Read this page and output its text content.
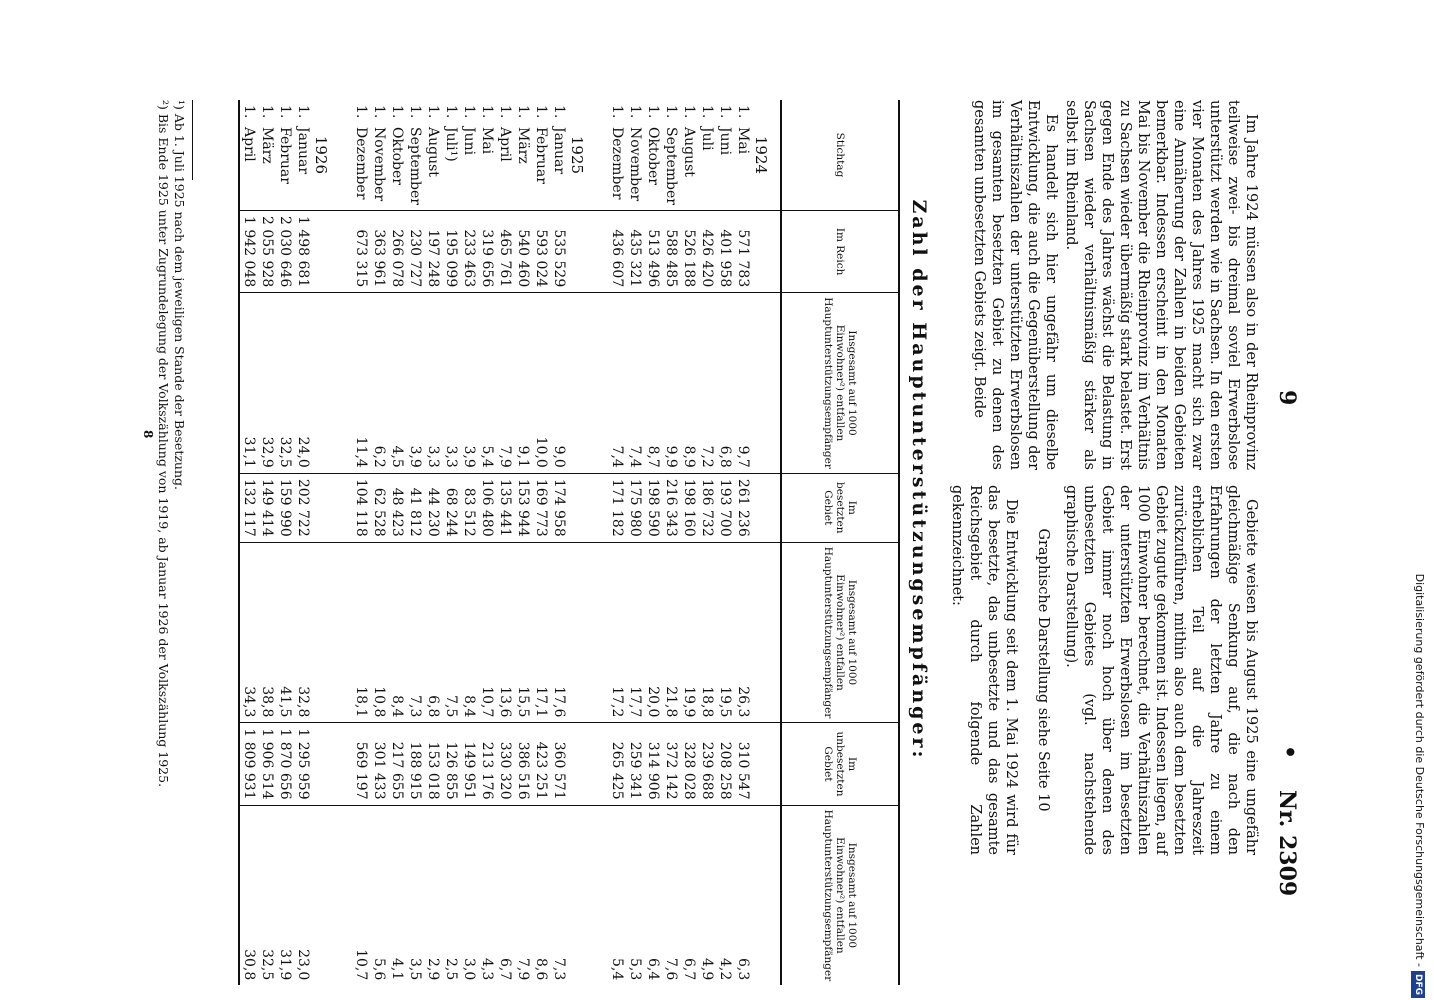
9
•
Nr. 2309

Im Jahre 1924 müssen also in der Rheinprovinz teilweise zwei- bis dreimal soviel Erwerbslose unterstützt werden wie in Sachsen. In den ersten vier Monaten des Jahres 1925 macht sich zwar eine Annäherung der Zahlen in beiden Gebieten bemerkbar. Indessen erscheint in den Monaten Mai bis November die Rheinprovinz im Verhältnis zu Sachsen wieder übermäßig stark belastet. Erst gegen Ende des Jahres wächst die Belastung in Sachsen wieder verhältnismäßig stärker als selbst im Rheinland.

Es handelt sich hier ungefähr um dieselbe Entwicklung, die auch die Gegenüberstellung der Verhältniszahlen der unterstützten Erwerbslosen im gesamten besetzten Gebiet zu denen des gesamten unbesetzten Gebiets zeigt. Beide

Gebiete weisen bis August 1925 eine ungefähr gleichmäßige Senkung auf, die nach den Erfahrungen der letzten Jahre zu einem erheblichen Teil auf die Jahreszeit zurückzuführen, mithin also auch dem besetzten Gebiet zugute gekommen ist. Indessen liegen, auf 1000 Einwohner berechnet, die Verhältniszahlen der unterstützten Erwerbslosen im besetzten Gebiet immer noch hoch über denen des unbesetzten Gebietes (vgl. nachstehende graphische Darstellung).

Graphische Darstellung siehe Seite 10

Die Entwicklung seit dem 1. Mai 1924 wird für das besetzte, das unbesetzte und das gesamte Reichsgebiet durch folgende Zahlen gekennzeichnet:

Zahl der Hauptunterstützungsempfänger:
Stichtag	Im Reich	Insgesamt auf 1000 Einwohner²) entfallen Hauptunterstützungsempfänger	Im besetzten Gebiet	Insgesamt auf 1000 Einwohner²) entfallen Hauptunterstützungsempfänger	Im unbesetzten Gebiet	Insgesamt auf 1000 Einwohner²) entfallen Hauptunterstützungsempfänger
1924						
1.Mai	571 783	9,7	261 236	26,3	310 547	6,3
1.Juni	401 958	6,8	193 700	19,5	208 258	4,2
1.Juli	426 420	7,2	186 732	18,8	239 688	4,9
1.August	526 188	8,9	198 160	19,9	328 028	6,7
1.September	588 485	9,9	216 343	21,8	372 142	7,6
1.Oktober	513 496	8,7	198 590	20,0	314 906	6,4
1.November	435 321	7,4	175 980	17,7	259 341	5,3
1.Dezember	436 607	7,4	171 182	17,2	265 425	5,4

1925						
1.Januar	535 529	9,0	174 958	17,6	360 571	7,3
1.Februar	593 024	10,0	169 773	17,1	423 251	8,6
1.März	540 460	9,1	153 944	15,5	386 516	7,9
1.April	465 761	7,9	135 441	13,6	330 320	6,7
1.Mai	319 656	5,4	106 480	10,7	213 176	4,3
1.Juni	233 463	3,9	83 512	8,4	149 951	3,0
1.Juli¹)	195 099	3,3	68 244	7,5	126 855	2,5
1.August	197 248	3,3	44 230	6,8	153 018	2,9
1.September	230 727	3,9	41 812	7,3	188 915	3,5
1.Oktober	266 078	4,5	48 423	8,4	217 655	4,1
1.November	363 961	6,2	62 528	10,8	301 433	5,6
1.Dezember	673 315	11,4	104 118	18,1	569 197	10,7

1926						
1.Januar	1 498 681	24,0	202 722	32,8	1 295 959	23,0
1.Februar	2 030 646	32,5	159 990	41,5	1 870 656	31,9
1.März	2 055 928	32,9	149 414	38,8	1 906 514	32,5
1.April	1 942 048	31,1	132 117	34,3	1 809 931	30,8
¹) Ab 1. Juli 1925 nach dem jeweiligen Stande der Besetzung.
²) Bis Ende 1925 unter Zugrundelegung der Volkszählung von 1919, ab Januar 1926 der Volkszählung 1925.
8
Digitalisierung gefördert durch die Deutsche Forschungsgemeinschaft -DFG
